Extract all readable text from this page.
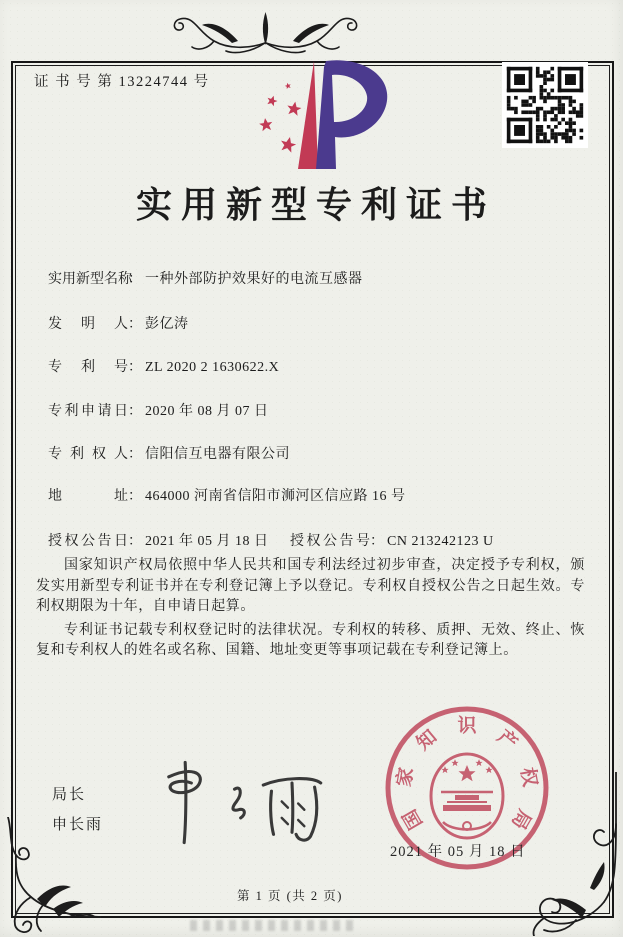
证 书 号 第 13224744 号
实用新型专利证书
实用新型名称： 一种外部防护效果好的电流互感器
发明人： 彭亿涛
专利号： ZL 2020 2 1630622.X
专利申请日： 2020 年 08 月 07 日
专利权人： 信阳信互电器有限公司
地址： 464000 河南省信阳市浉河区信应路 16 号
授权公告日： 2021 年 05 月 18 日 授权公告号： CN 213242123 U

国家知识产权局依照中华人民共和国专利法经过初步审查，决定授予专利权，颁发实用新型专利证书并在专利登记簿上予以登记。专利权自授权公告之日起生效。专利权期限为十年，自申请日起算。

专利证书记载专利权登记时的法律状况。专利权的转移、质押、无效、终止、恢复和专利权人的姓名或名称、国籍、地址变更等事项记载在专利登记簿上。

局长
申长雨	国
家
知
识
产
权
局
2021 年 05 月 18 日
第 1 页 (共 2 页)
